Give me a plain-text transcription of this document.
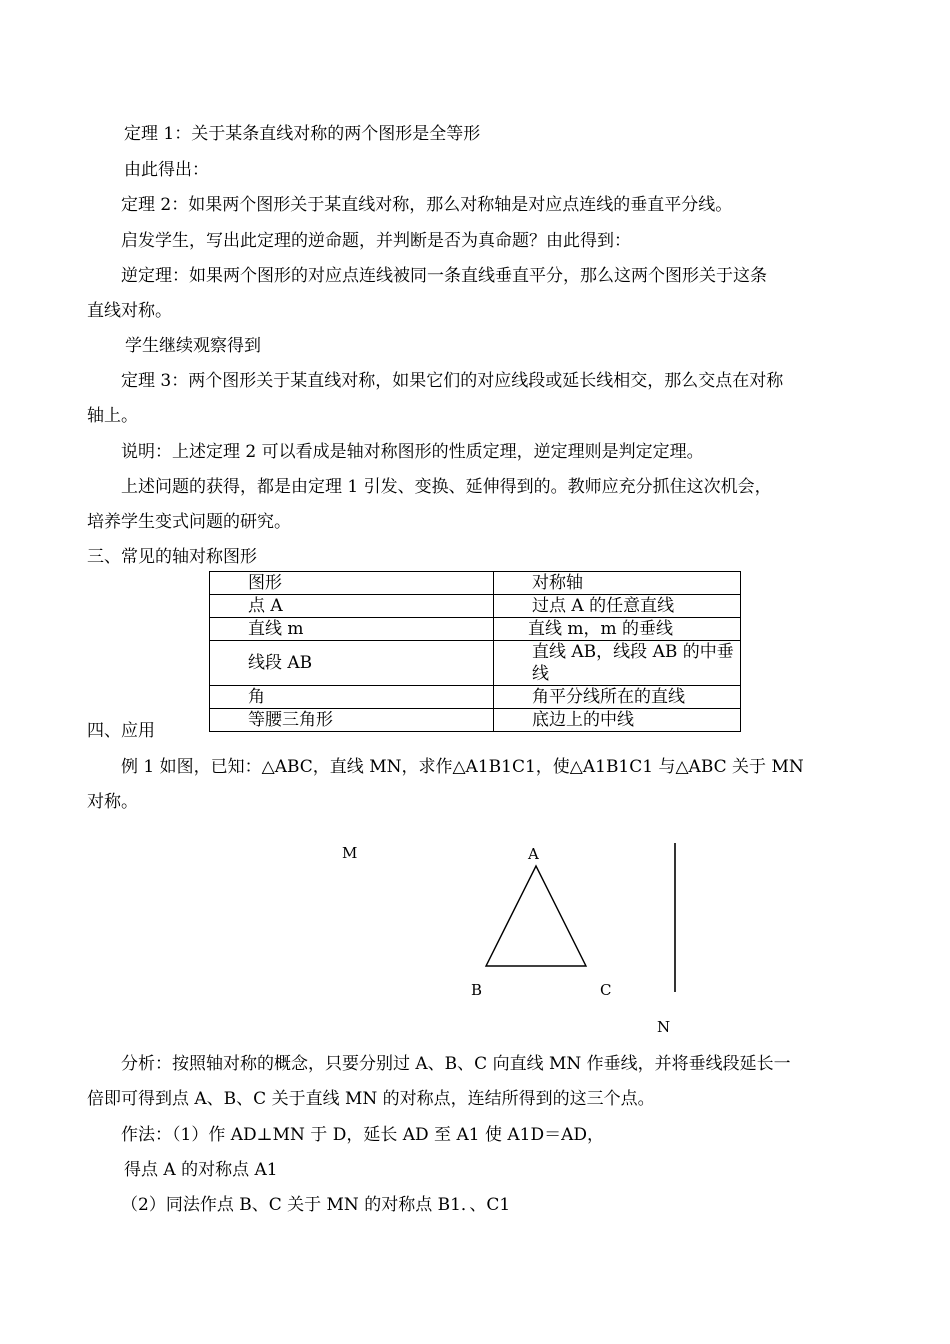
定理 1：关于某条直线对称的两个图形是全等形
由此得出：
定理 2：如果两个图形关于某直线对称，那么对称轴是对应点连线的垂直平分线。
启发学生，写出此定理的逆命题，并判断是否为真命题？由此得到：
逆定理：如果两个图形的对应点连线被同一条直线垂直平分，那么这两个图形关于这条
直线对称。
学生继续观察得到
定理 3：两个图形关于某直线对称，如果它们的对应线段或延长线相交，那么交点在对称
轴上。
说明：上述定理 2 可以看成是轴对称图形的性质定理，逆定理则是判定定理。
上述问题的获得，都是由定理 1 引发、变换、延伸得到的。教师应充分抓住这次机会，
培养学生变式问题的研究。
三、常见的轴对称图形
图形	对称轴
点 A	过点 A 的任意直线
直线 m	直线 m，m 的垂线
线段 AB	直线 AB，线段 AB 的中垂线
角	角平分线所在的直线
等腰三角形	底边上的中线
四、应用
例 1 如图，已知：△ABC，直线 MN，求作△A1B1C1，使△A1B1C1 与△ABC 关于 MN
对称。
M	A
B	C
N
分析：按照轴对称的概念，只要分别过 A、B、C 向直线 MN 作垂线，并将垂线段延长一
倍即可得到点 A、B、C 关于直线 MN 的对称点，连结所得到的这三个点。
作法：（1）作 AD⊥MN 于 D，延长 AD 至 A1 使 A1D＝AD，
得点 A 的对称点 A1
（2）同法作点 B、C 关于 MN 的对称点 B1．、C1
